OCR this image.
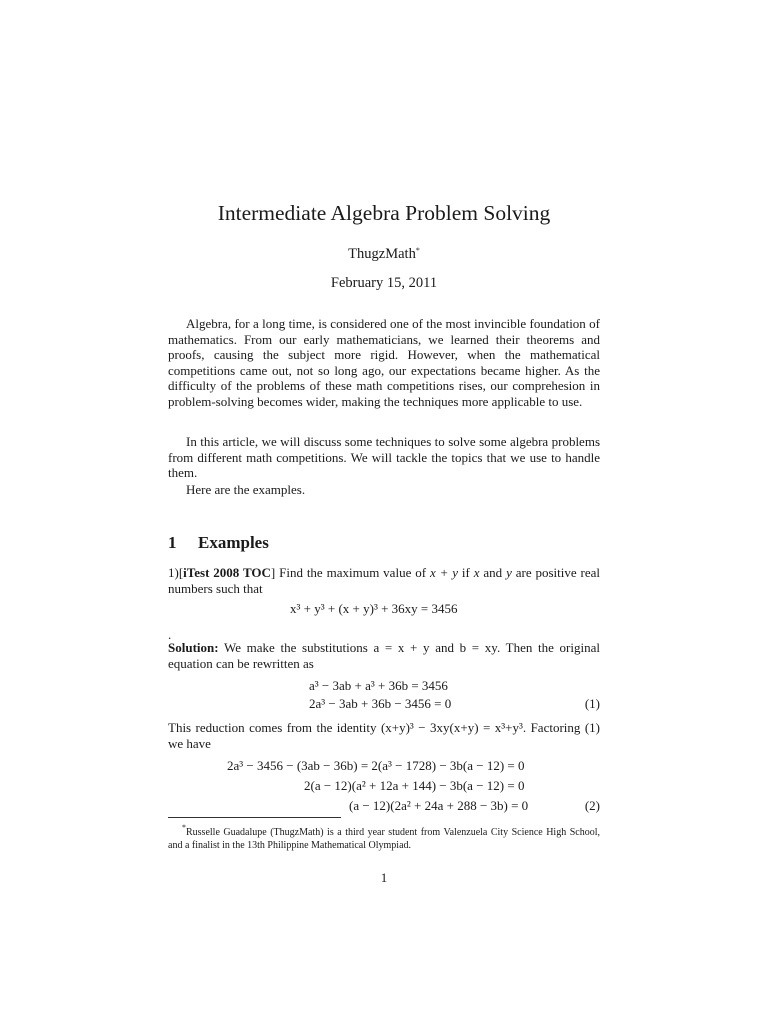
Intermediate Algebra Problem Solving
ThugzMath*
February 15, 2011

Algebra, for a long time, is considered one of the most invincible foundation of mathematics. From our early mathematicians, we learned their theorems and proofs, causing the subject more rigid. However, when the mathematical competitions came out, not so long ago, our expectations became higher. As the difficulty of the problems of these math competitions rises, our comprehesion in problem-solving becomes wider, making the techniques more applicable to use.

In this article, we will discuss some techniques to solve some algebra problems from different math competitions. We will tackle the topics that we use to handle them.

Here are the examples.

1 Examples

1)[iTest 2008 TOC] Find the maximum value of x + y if x and y are positive real numbers such that

x³ + y³ + (x + y)³ + 36xy = 3456
.

Solution: We make the substitutions a = x + y and b = xy. Then the original equation can be rewritten as

a³ − 3ab + a³ + 36b = 3456
2a³ − 3ab + 36b − 3456 = 0	(1)

This reduction comes from the identity (x+y)³ − 3xy(x+y) = x³+y³. Factoring (1) we have

2a³ − 3456 − (3ab − 36b) = 2(a³ − 1728) − 3b(a − 12) = 0
2(a − 12)(a² + 12a + 144) − 3b(a − 12) = 0
(a − 12)(2a² + 24a + 288 − 3b) = 0	(2)
*Russelle Guadalupe (ThugzMath) is a third year student from Valenzuela City Science High School, and a finalist in the 13th Philippine Mathematical Olympiad.
1
